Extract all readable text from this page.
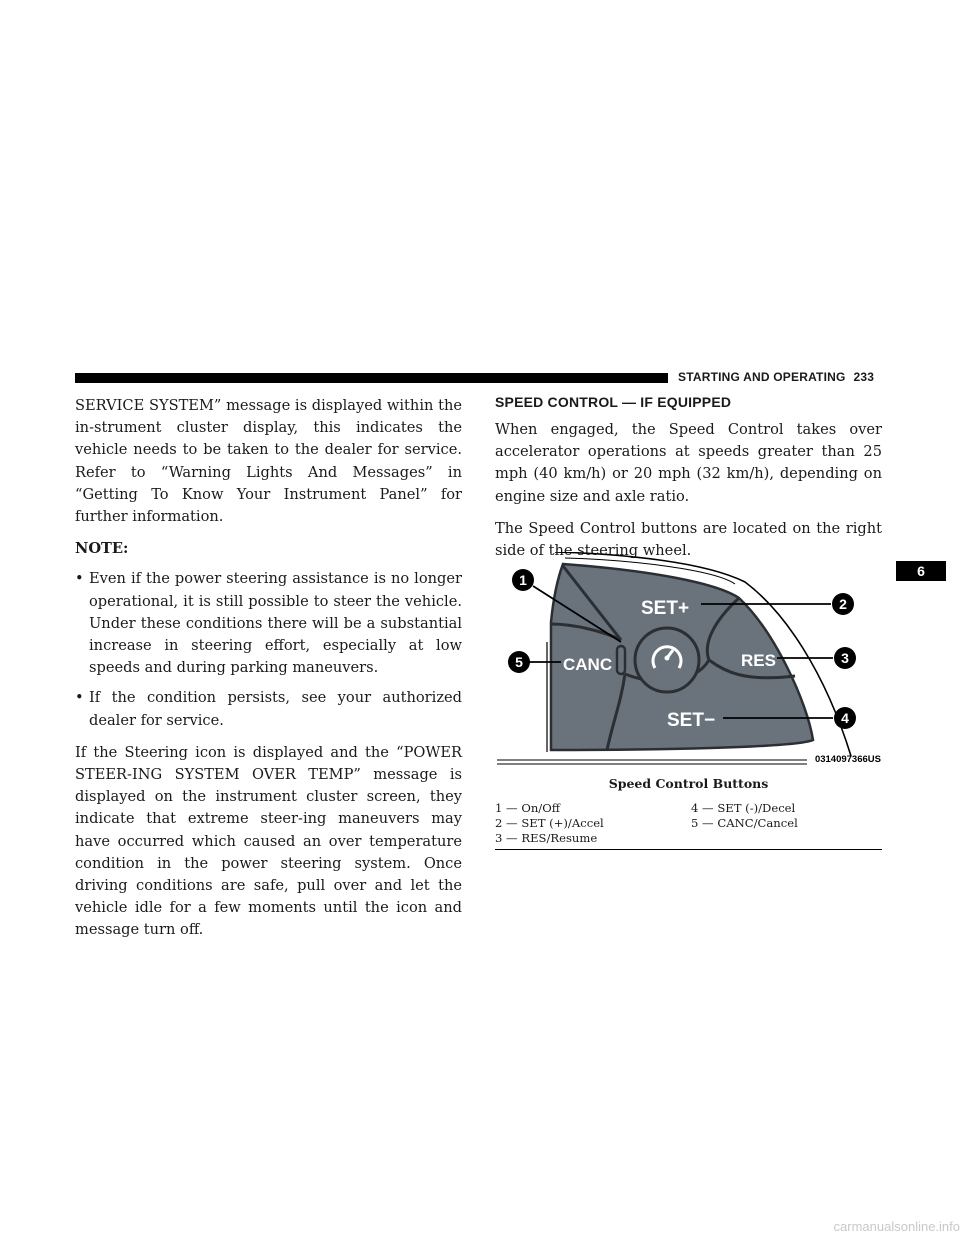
STARTING AND OPERATING 233

SERVICE SYSTEM” message is displayed within the in-strument cluster display, this indicates the vehicle needs to be taken to the dealer for service. Refer to “Warning Lights And Messages” in “Getting To Know Your Instrument Panel” for further information.

NOTE:

• Even if the power steering assistance is no longer operational, it is still possible to steer the vehicle. Under these conditions there will be a substantial increase in steering effort, especially at low speeds and during parking maneuvers.

• If the condition persists, see your authorized dealer for service.

If the Steering icon is displayed and the “POWER STEER-ING SYSTEM OVER TEMP” message is displayed on the instrument cluster screen, they indicate that extreme steer-ing maneuvers may have occurred which caused an over temperature condition in the power steering system. Once driving conditions are safe, pull over and let the vehicle idle for a few moments until the icon and message turn off.

SPEED CONTROL — IF EQUIPPED

When engaged, the Speed Control takes over accelerator operations at speeds greater than 25 mph (40 km/h) or 20 mph (32 km/h), depending on engine size and axle ratio.

The Speed Control buttons are located on the right side of the steering wheel.

SET+
RES
CANC
SET−
1
2
3
4
5
0314097366US
Speed Control Buttons
1 — On/Off	4 — SET (-)/Decel
2 — SET (+)/Accel	5 — CANC/Cancel
3 — RES/Resume
6
carmanualsonline.info
